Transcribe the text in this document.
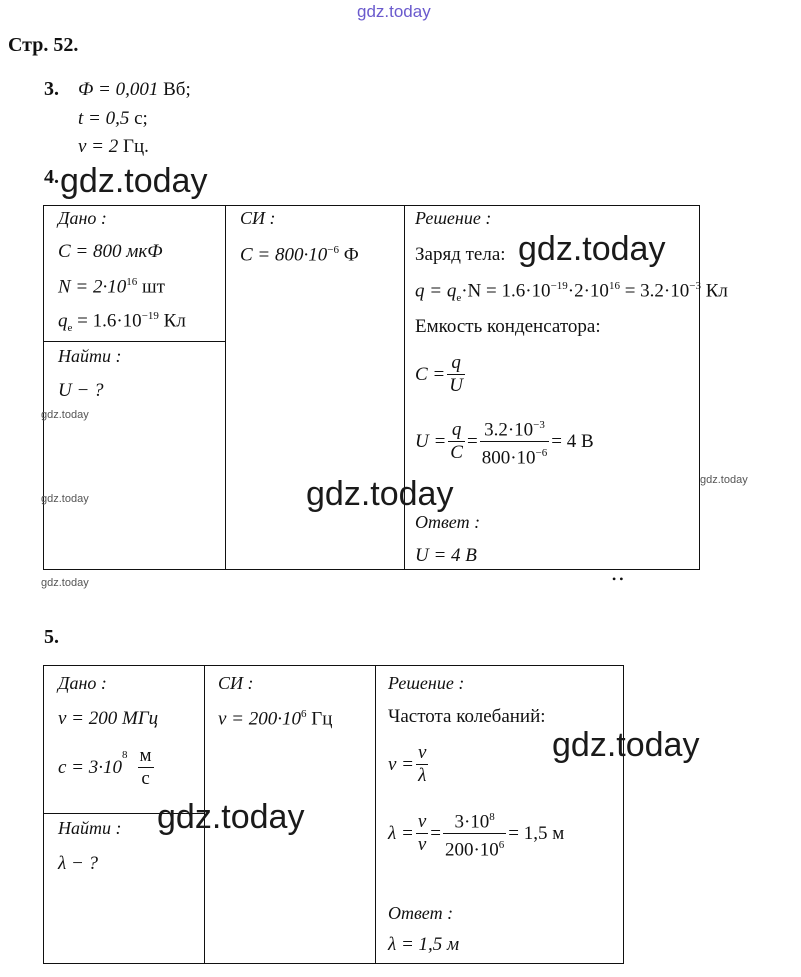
gdz.today
Стр. 52.
3. Ф = 0,001 Вб;
t = 0,5 с;
ν = 2 Гц.
4.
Дано :
C = 800 мкФ
$N = 2\cdot 10^{16}$ шт
$q_e = 1.6\cdot 10^{-19}$ Кл
Найти :
U − ?
СИ :
$C = 800\cdot 10^{-6}$ Ф
Решение :
Заряд тела:
$q = q_e\cdot N = 1.6\cdot 10^{-19}\cdot 2\cdot 10^{16} = 3.2\cdot 10^{-3}$ Кл
Емкость конденсатора:
$C = \frac{q}{U}$
$U = \frac{q}{C} = \frac{3.2\cdot 10^{-3}}{800\cdot 10^{-6}} = 4$ В
Ответ :
U = 4 В
• •
5.
Дано :
ν = 200 МГц
c = 3·10
$^8 \frac{м}{с}$
Найти :
λ − ?
СИ :
$\nu = 200\cdot 10^6$ Гц
Решение :
Частота колебаний:
$\nu = \frac{v}{\lambda}$
$\lambda = \frac{v}{\nu} = \frac{3\cdot 10^8}{200\cdot 10^6} = 1,5$ м
Ответ :
λ = 1,5 м
gdz.today
gdz.today
gdz.today
gdz.today
gdz.today
gdz.today
gdz.today
gdz.today
gdz.today
